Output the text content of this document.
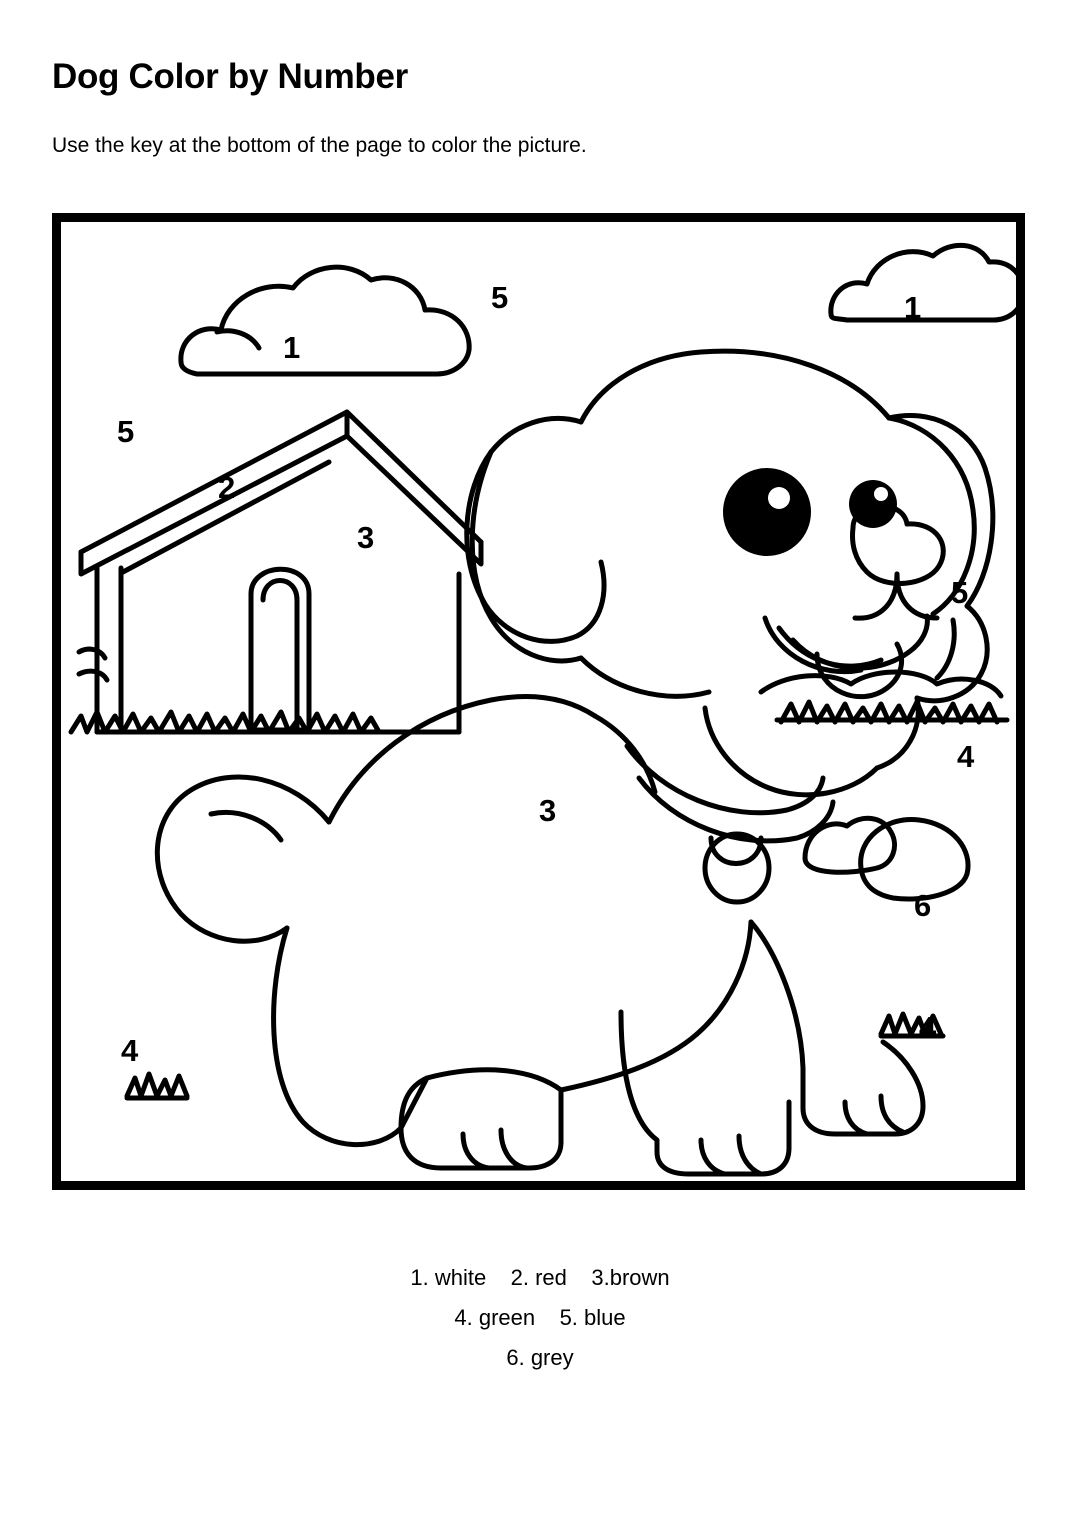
Dog Color by Number
Use the key at the bottom of the page to color the picture.
5
1
1
5
2
3
5
4
3
6
4
4
1. white 2. red 3.brown
4. green 5. blue
6. grey
